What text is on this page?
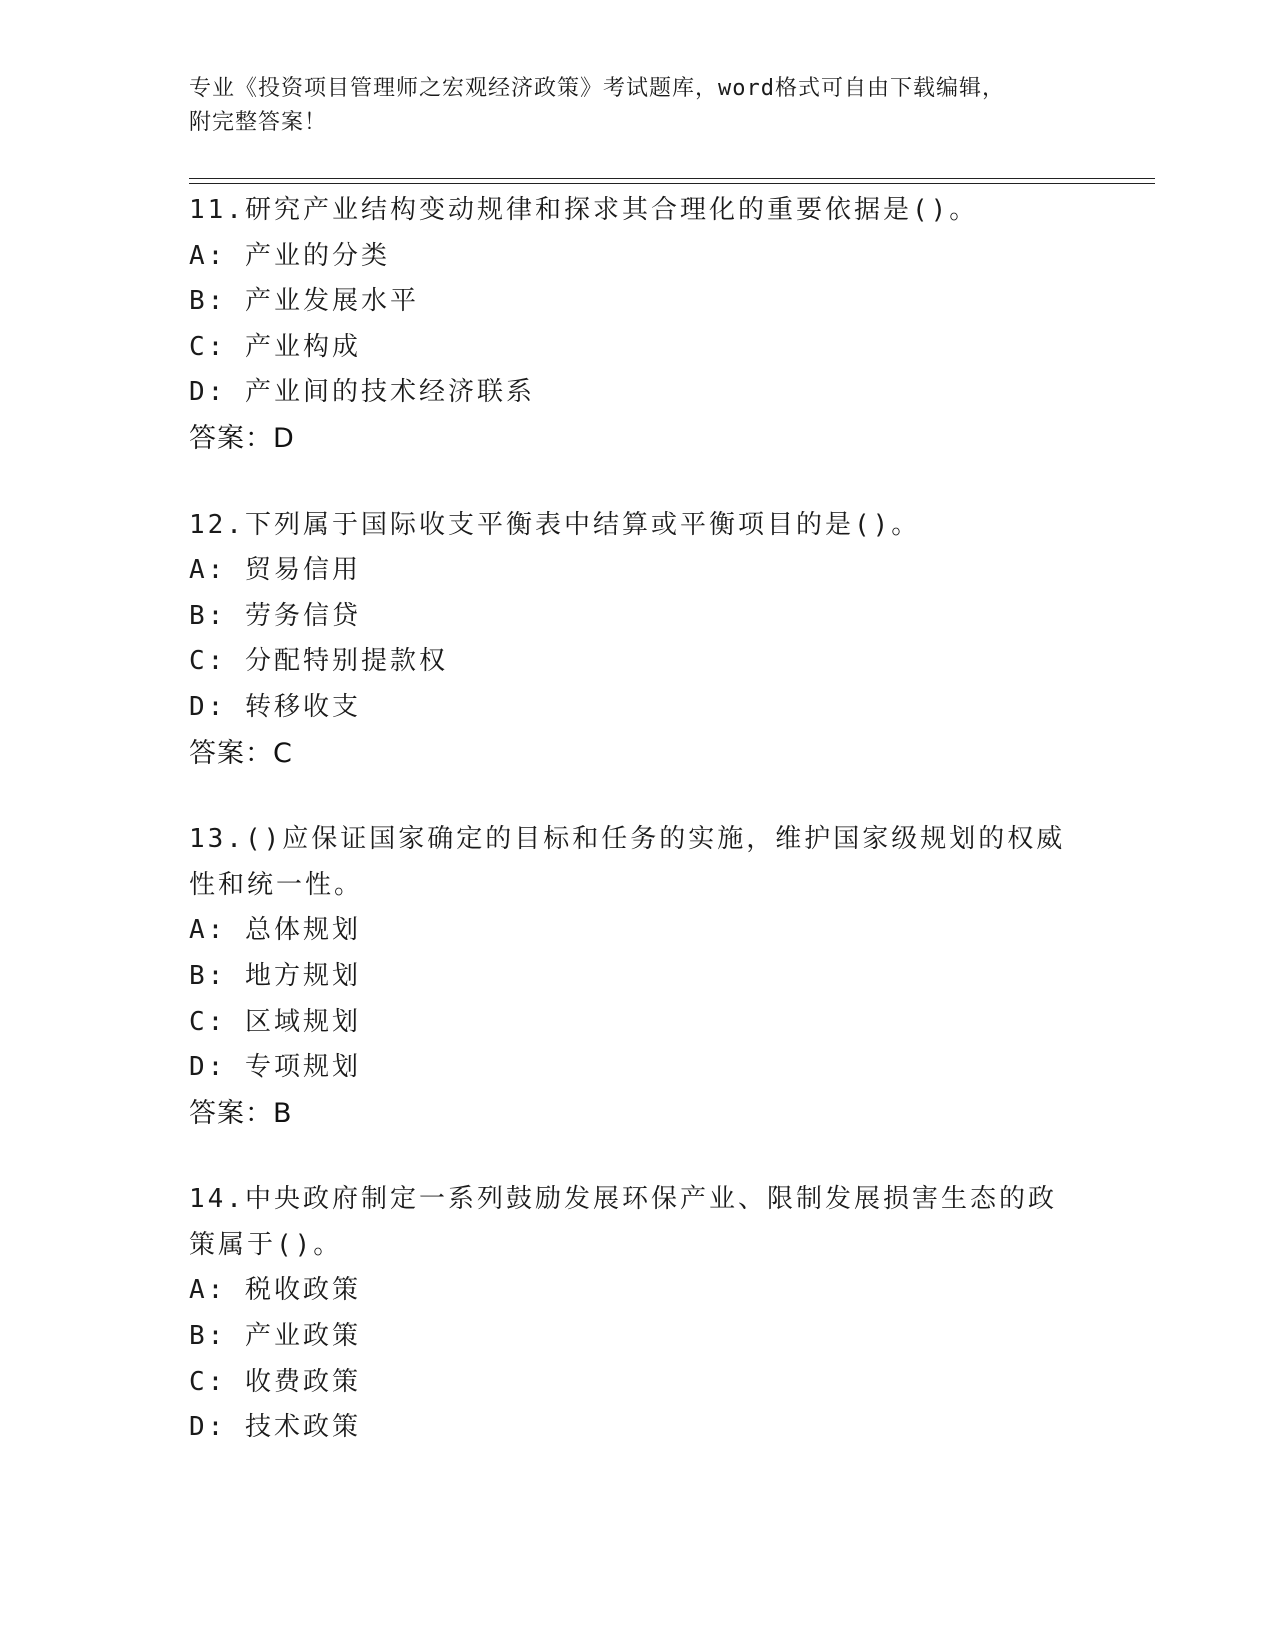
专业《投资项目管理师之宏观经济政策》考试题库，word格式可自由下载编辑，
附完整答案！
11.研究产业结构变动规律和探求其合理化的重要依据是()。
A: 产业的分类
B: 产业发展水平
C: 产业构成
D: 产业间的技术经济联系
答案：D
12.下列属于国际收支平衡表中结算或平衡项目的是()。
A: 贸易信用
B: 劳务信贷
C: 分配特别提款权
D: 转移收支
答案：C
13.()应保证国家确定的目标和任务的实施，维护国家级规划的权威性和统一性。
A: 总体规划
B: 地方规划
C: 区域规划
D: 专项规划
答案：B
14.中央政府制定一系列鼓励发展环保产业、限制发展损害生态的政策属于()。
A: 税收政策
B: 产业政策
C: 收费政策
D: 技术政策
